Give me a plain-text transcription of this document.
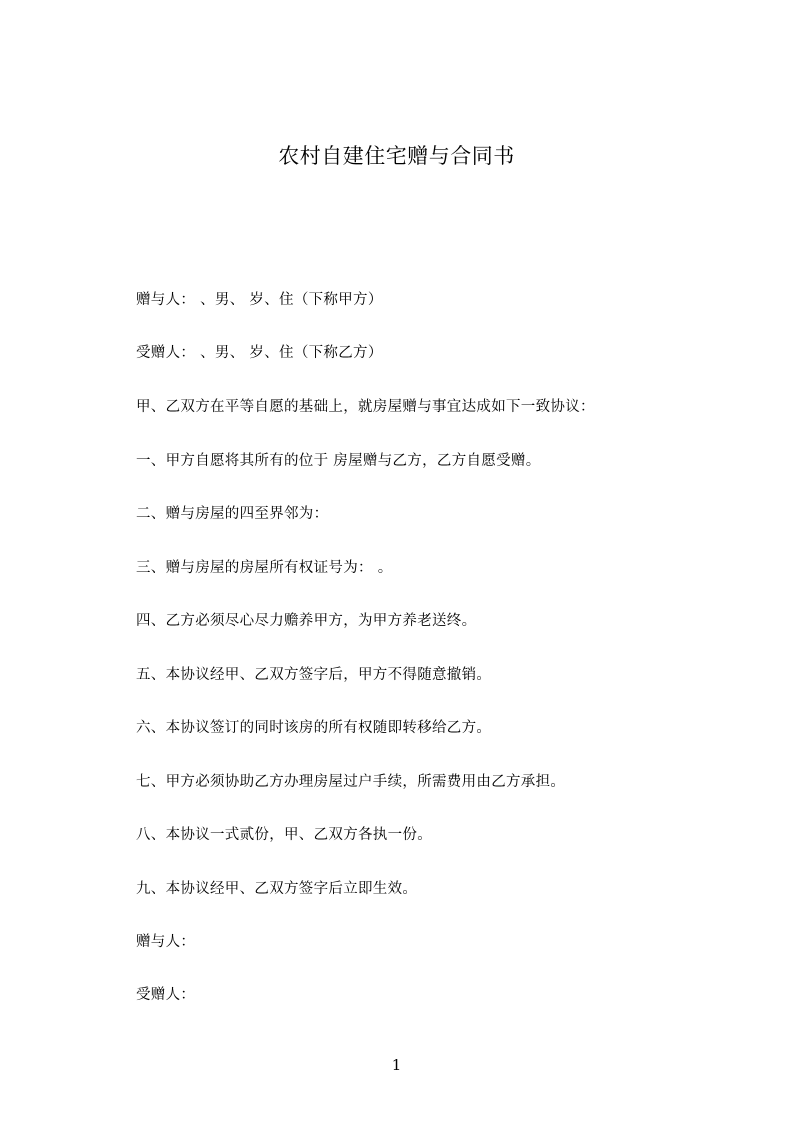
农村自建住宅赠与合同书
赠与人： 、男、 岁、住（下称甲方）
受赠人： 、男、 岁、住（下称乙方）
甲、乙双方在平等自愿的基础上，就房屋赠与事宜达成如下一致协议：
一、甲方自愿将其所有的位于 房屋赠与乙方，乙方自愿受赠。
二、赠与房屋的四至界邻为：
三、赠与房屋的房屋所有权证号为： 。
四、乙方必须尽心尽力赡养甲方，为甲方养老送终。
五、本协议经甲、乙双方签字后，甲方不得随意撤销。
六、本协议签订的同时该房的所有权随即转移给乙方。
七、甲方必须协助乙方办理房屋过户手续，所需费用由乙方承担。
八、本协议一式贰份，甲、乙双方各执一份。
九、本协议经甲、乙双方签字后立即生效。
赠与人：
受赠人：
1
